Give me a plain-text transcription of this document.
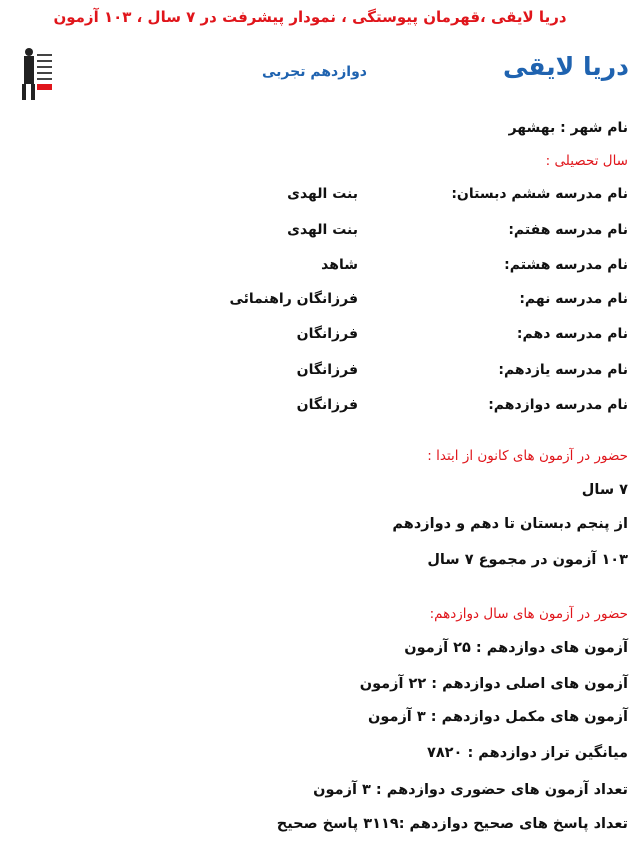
دریا لایقی ،قهرمان پیوستگی ، نمودار پیشرفت در ۷ سال ، ۱۰۳ آزمون
دریا لایقی
دوازدهم تجربی
نام شهر : بهشهر
سال تحصیلی :
نام مدرسه ششم دبستان:
بنت الهدی
نام مدرسه هفتم:
بنت الهدی
نام مدرسه هشتم:
شاهد
نام مدرسه نهم:
فرزانگان راهنمائی
نام مدرسه دهم:
فرزانگان
نام مدرسه یازدهم:
فرزانگان
نام مدرسه دوازدهم:
فرزانگان
حضور در آزمون های کانون از ابتدا :
۷ سال
از پنجم دبستان تا دهم و دوازدهم
۱۰۳ آزمون در مجموع ۷ سال
حضور در آزمون های سال دوازدهم:
آزمون های دوازدهم : ۲۵ آزمون
آزمون های اصلی دوازدهم : ۲۲ آزمون
آزمون های مکمل دوازدهم : ۳ آزمون
میانگین تراز دوازدهم : ۷۸۲۰
تعداد آزمون های حضوری دوازدهم : ۳ آزمون
تعداد پاسخ های صحیح دوازدهم :۳۱۱۹ پاسخ صحیح
